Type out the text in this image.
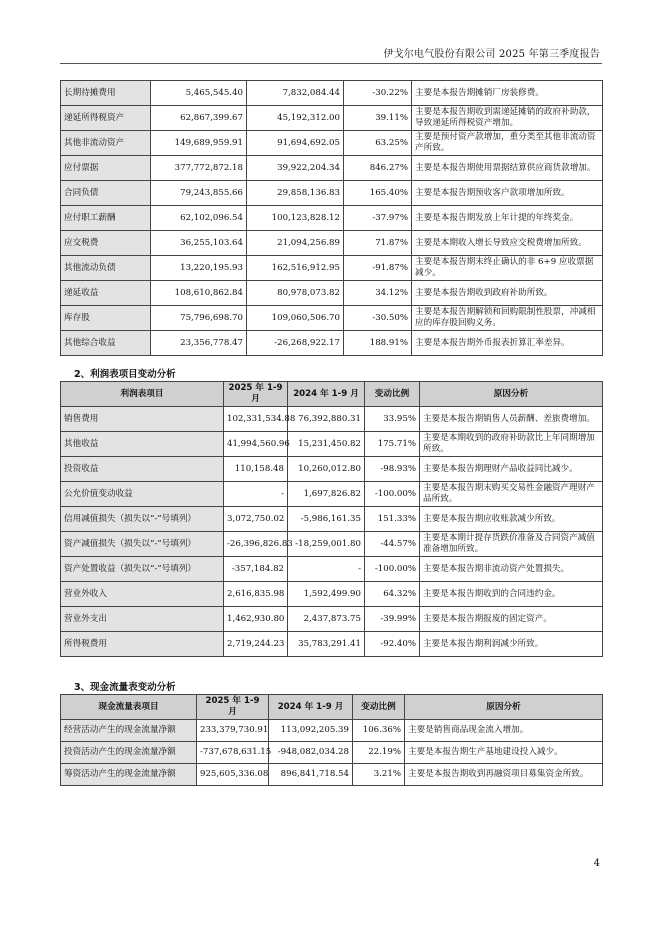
伊戈尔电气股份有限公司 2025 年第三季度报告
长期待摊费用	5,465,545.40	7,832,084.44	-30.22%	主要是本报告期摊销厂房装修费。
递延所得税资产	62,867,399.67	45,192,312.00	39.11%	主要是本报告期收到需递延摊销的政府补助款，导致递延所得税资产增加。
其他非流动资产	149,689,959.91	91,694,692.05	63.25%	主要是预付资产款增加，重分类至其他非流动资产所致。
应付票据	377,772,872.18	39,922,204.34	846.27%	主要是本报告期使用票据结算供应商货款增加。
合同负债	79,243,855.66	29,858,136.83	165.40%	主要是本报告期预收客户款项增加所致。
应付职工薪酬	62,102,096.54	100,123,828.12	-37.97%	主要是本报告期发放上年计提的年终奖金。
应交税费	36,255,103.64	21,094,256.89	71.87%	主要是本期收入增长导致应交税费增加所致。
其他流动负债	13,220,195.93	162,516,912.95	-91.87%	主要是本报告期末终止确认的非 6+9 应收票据减少。
递延收益	108,610,862.84	80,978,073.82	34.12%	主要是本报告期收到政府补助所致。
库存股	75,796,698.70	109,060,506.70	-30.50%	主要是本报告期解锁和回购限制性股票，冲减相应的库存股回购义务。
其他综合收益	23,356,778.47	-26,268,922.17	188.91%	主要是本报告期外币报表折算汇率差异。
2、利润表项目变动分析
利润表项目	2025 年 1-9 月	2024 年 1-9 月	变动比例	原因分析
销售费用	102,331,534.88	76,392,880.31	33.95%	主要是本报告期销售人员薪酬、差旅费增加。
其他收益	41,994,560.96	15,231,450.82	175.71%	主要是本期收到的政府补助款比上年同期增加所致。
投资收益	110,158.48	10,260,012.80	-98.93%	主要是本报告期理财产品收益同比减少。
公允价值变动收益	-	1,697,826.82	-100.00%	主要是本报告期末购买交易性金融资产理财产品所致。
信用减值损失（损失以“-”号填列）	3,072,750.02	-5,986,161.35	151.33%	主要是本报告期应收账款减少所致。
资产减值损失（损失以“-”号填列）	-26,396,826.83	-18,259,001.80	-44.57%	主要是本期计提存货跌价准备及合同资产减值准备增加所致。
资产处置收益（损失以“-”号填列）	-357,184.82	-	-100.00%	主要是本报告期非流动资产处置损失。
营业外收入	2,616,835.98	1,592,499.90	64.32%	主要是本报告期收到的合同违约金。
营业外支出	1,462,930.80	2,437,873.75	-39.99%	主要是本报告期报废的固定资产。
所得税费用	2,719,244.23	35,783,291.41	-92.40%	主要是本报告期利润减少所致。
3、现金流量表变动分析
现金流量表项目	2025 年 1-9 月	2024 年 1-9 月	变动比例	原因分析
经营活动产生的现金流量净额	233,379,730.91	113,092,205.39	106.36%	主要是销售商品现金流入增加。
投资活动产生的现金流量净额	-737,678,631.15	-948,082,034.28	22.19%	主要是本报告期生产基地建设投入减少。
筹资活动产生的现金流量净额	925,605,336.08	896,841,718.54	3.21%	主要是本报告期收到再融资项目募集资金所致。
4
